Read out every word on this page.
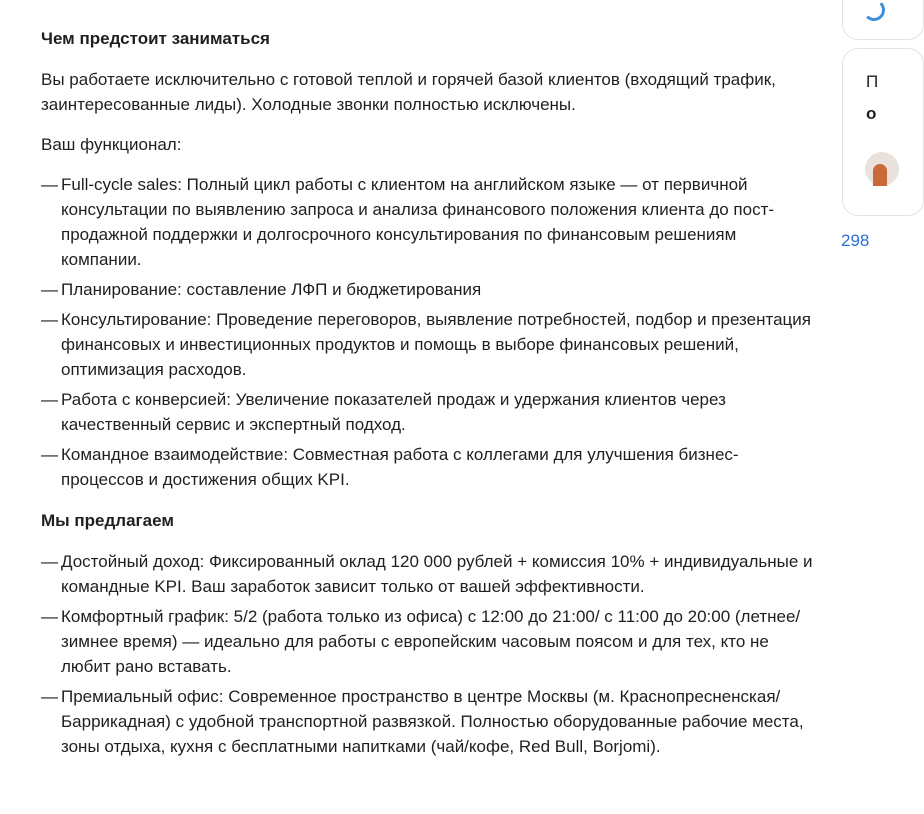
Чем предстоит заниматься
Вы работаете исключительно с готовой теплой и горячей базой клиентов (входящий трафик, заинтересованные лиды). Холодные звонки полностью исключены.
Ваш функционал:
— Full-cycle sales: Полный цикл работы с клиентом на английском языке — от первичной консультации по выявлению запроса и анализа финансового положения клиента до пост-продажной поддержки и долгосрочного консультирования по финансовым решениям компании.
— Планирование: составление ЛФП и бюджетирования
— Консультирование: Проведение переговоров, выявление потребностей, подбор и презентация финансовых и инвестиционных продуктов и помощь в выборе финансовых решений, оптимизация расходов.
— Работа с конверсией: Увеличение показателей продаж и удержания клиентов через качественный сервис и экспертный подход.
— Командное взаимодействие: Совместная работа с коллегами для улучшения бизнес-процессов и достижения общих KPI.
Мы предлагаем
— Достойный доход: Фиксированный оклад 120 000 рублей + комиссия 10% + индивидуальные и командные KPI. Ваш заработок зависит только от вашей эффективности.
— Комфортный график: 5/2 (работа только из офиса) с 12:00 до 21:00/ с 11:00 до 20:00 (летнее/зимнее время) — идеально для работы с европейским часовым поясом и для тех, кто не любит рано вставать.
— Премиальный офис: Современное пространство в центре Москвы (м. Краснопресненская/Баррикадная) с удобной транспортной развязкой. Полностью оборудованные рабочие места, зоны отдыха, кухня с бесплатными напитками (чай/кофе, Red Bull, Borjomi).
П
о
298
